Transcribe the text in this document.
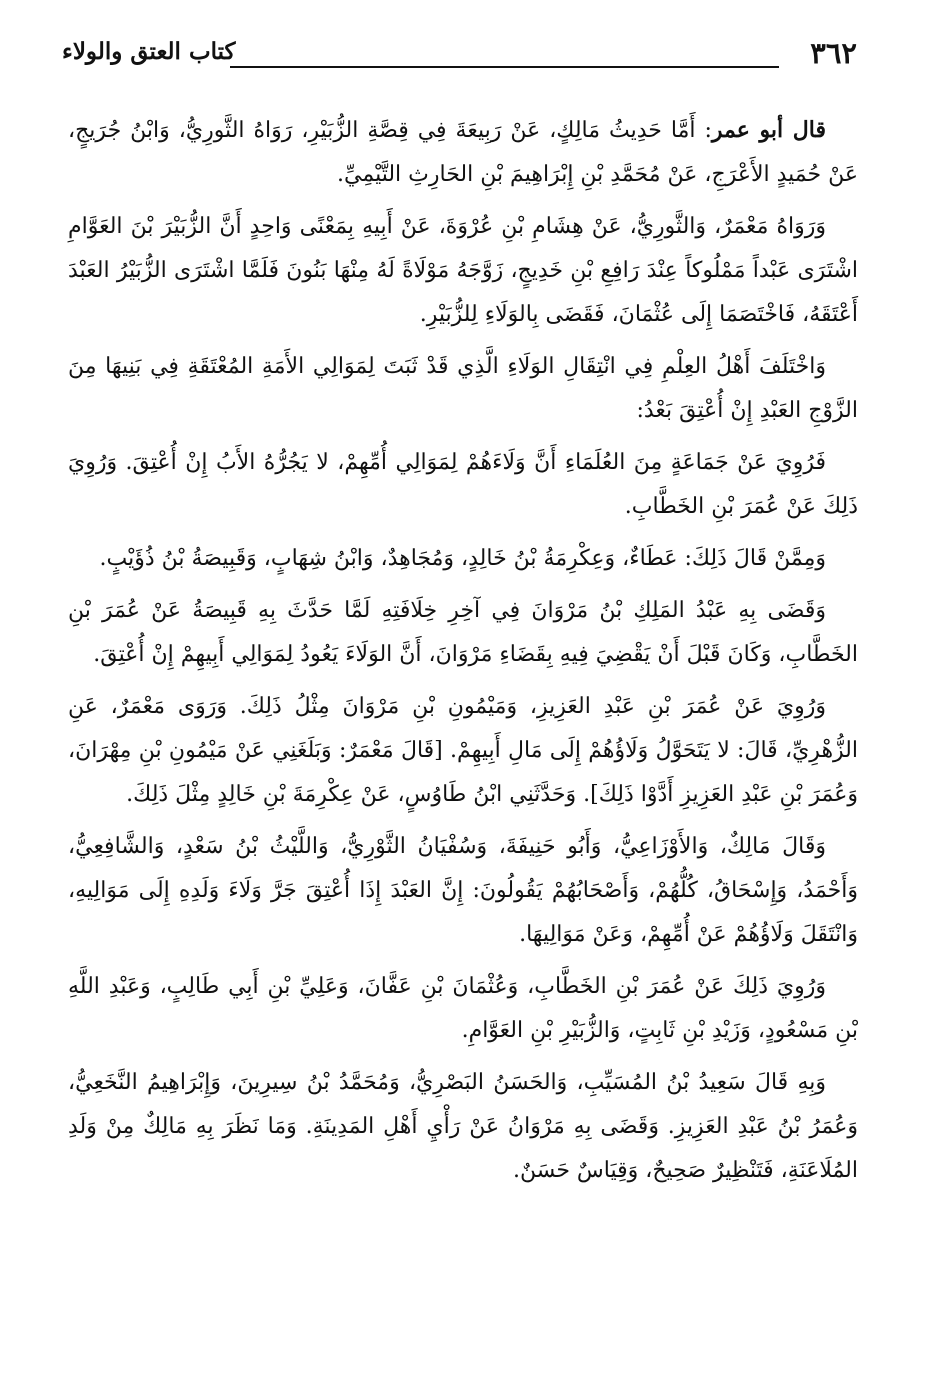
٣٦٢
كتاب العتق والولاء

قال أبو عمر: أَمَّا حَدِيثُ مَالِكٍ، عَنْ رَبِيعَةَ فِي قِصَّةِ الزُّبَيْرِ، رَوَاهُ الثَّورِيُّ، وَابْنُ جُرَيجٍ، عَنْ حُمَيدٍ الأَعْرَجِ، عَنْ مُحَمَّدِ بْنِ إِبْرَاهِيمَ بْنِ الحَارِثِ التَّيْمِيِّ.

وَرَوَاهُ مَعْمَرٌ، وَالثَّورِيُّ، عَنْ هِشَامِ بْنِ عُرْوَةَ، عَنْ أَبِيهِ بِمَعْنًى وَاحِدٍ أَنَّ الزُّبَيْرَ بْنَ العَوَّامِ اشْتَرَى عَبْداً مَمْلُوكاً عِنْدَ رَافِعِ بْنِ خَدِيجٍ، زَوَّجَهُ مَوْلَاةً لَهُ مِنْهَا بَنُونَ فَلَمَّا اشْتَرَى الزُّبَيْرُ العَبْدَ أَعْتَقَهُ، فَاخْتَصَمَا إِلَى عُثْمَانَ، فَقَضَى بِالوَلَاءِ لِلزُّبَيْرِ.

وَاخْتَلَفَ أَهْلُ العِلْمِ فِي انْتِقَالِ الوَلَاءِ الَّذِي قَدْ ثَبَتَ لِمَوَالِي الأَمَةِ المُعْتَقَةِ فِي بَنِيهَا مِنَ الزَّوْجِ العَبْدِ إِنْ أُعْتِقَ بَعْدُ:

فَرُوِيَ عَنْ جَمَاعَةٍ مِنَ العُلَمَاءِ أَنَّ وَلَاءَهُمْ لِمَوَالِي أُمِّهِمْ، لا يَجُرُّهُ الأَبُ إِنْ أُعْتِقَ. وَرُوِيَ ذَلِكَ عَنْ عُمَرَ بْنِ الخَطَّابِ.

وَمِمَّنْ قَالَ ذَلِكَ: عَطَاءٌ، وَعِكْرِمَةُ بْنُ خَالِدٍ، وَمُجَاهِدٌ، وَابْنُ شِهَابٍ، وَقَبِيصَةُ بْنُ ذُؤَيْبٍ.

وَقَضَى بِهِ عَبْدُ المَلِكِ بْنُ مَرْوَانَ فِي آخِرِ خِلَافَتِهِ لَمَّا حَدَّثَ بِهِ قَبِيصَةُ عَنْ عُمَرَ بْنِ الخَطَّابِ، وَكَانَ قَبْلَ أَنْ يَقْضِيَ فِيهِ بِقَضَاءِ مَرْوَانَ، أَنَّ الوَلَاءَ يَعُودُ لِمَوَالِي أَبِيهِمْ إِنْ أُعْتِقَ.

وَرُوِيَ عَنْ عُمَرَ بْنِ عَبْدِ العَزِيزِ، وَمَيْمُونِ بْنِ مَرْوَانَ مِثْلُ ذَلِكَ. وَرَوَى مَعْمَرٌ، عَنِ الزُّهْرِيِّ، قَالَ: لا يَتَحَوَّلُ وَلَاؤُهُمْ إِلَى مَالِ أَبِيهِمْ. [قَالَ مَعْمَرٌ: وَبَلَغَنِي عَنْ مَيْمُونِ بْنِ مِهْرَانَ، وَعُمَرَ بْنِ عَبْدِ العَزِيزِ أَدَّوْا ذَلِكَ]. وَحَدَّثَنِي ابْنُ طَاوُسٍ، عَنْ عِكْرِمَةَ بْنِ خَالِدٍ مِثْلَ ذَلِكَ.

وَقَالَ مَالِكٌ، وَالأَوْزَاعِيُّ، وَأَبُو حَنِيفَةَ، وَسُفْيَانُ الثَّوْرِيُّ، وَاللَّيْثُ بْنُ سَعْدٍ، وَالشَّافِعِيُّ، وَأَحْمَدُ، وَإِسْحَاقُ، كُلُّهُمْ، وَأَصْحَابُهُمْ يَقُولُونَ: إِنَّ العَبْدَ إِذَا أُعْتِقَ جَرَّ وَلَاءَ وَلَدِهِ إِلَى مَوَالِيهِ، وَانْتَقَلَ وَلَاؤُهُمْ عَنْ أُمِّهِمْ، وَعَنْ مَوَالِيهَا.

وَرُوِيَ ذَلِكَ عَنْ عُمَرَ بْنِ الخَطَّابِ، وَعُثْمَانَ بْنِ عَفَّانَ، وَعَلِيِّ بْنِ أَبِي طَالِبٍ، وَعَبْدِ اللَّهِ بْنِ مَسْعُودٍ، وَزَيْدِ بْنِ ثَابِتٍ، وَالزُّبَيْرِ بْنِ العَوَّامِ.

وَبِهِ قَالَ سَعِيدُ بْنُ المُسَيِّبِ، وَالحَسَنُ البَصْرِيُّ، وَمُحَمَّدُ بْنُ سِيرِينَ، وَإِبْرَاهِيمُ النَّخَعِيُّ، وَعُمَرُ بْنُ عَبْدِ العَزِيزِ. وَقَضَى بِهِ مَرْوَانُ عَنْ رَأْيِ أَهْلِ المَدِينَةِ. وَمَا نَظَرَ بِهِ مَالِكٌ مِنْ وَلَدِ المُلَاعَنَةِ، فَتَنْظِيرٌ صَحِيحٌ، وَقِيَاسٌ حَسَنٌ.
